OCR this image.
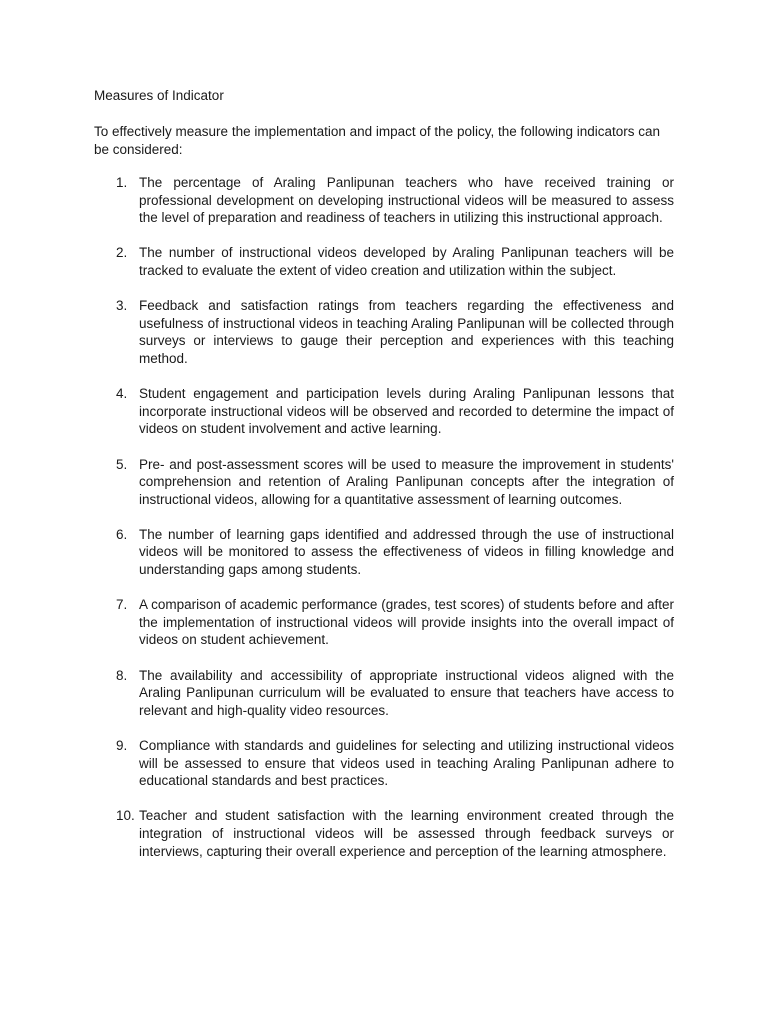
Measures of Indicator

To effectively measure the implementation and impact of the policy, the following indicators can be considered:

1. The percentage of Araling Panlipunan teachers who have received training or professional development on developing instructional videos will be measured to assess the level of preparation and readiness of teachers in utilizing this instructional approach.
2. The number of instructional videos developed by Araling Panlipunan teachers will be tracked to evaluate the extent of video creation and utilization within the subject.
3. Feedback and satisfaction ratings from teachers regarding the effectiveness and usefulness of instructional videos in teaching Araling Panlipunan will be collected through surveys or interviews to gauge their perception and experiences with this teaching method.
4. Student engagement and participation levels during Araling Panlipunan lessons that incorporate instructional videos will be observed and recorded to determine the impact of videos on student involvement and active learning.
5. Pre- and post-assessment scores will be used to measure the improvement in students' comprehension and retention of Araling Panlipunan concepts after the integration of instructional videos, allowing for a quantitative assessment of learning outcomes.
6. The number of learning gaps identified and addressed through the use of instructional videos will be monitored to assess the effectiveness of videos in filling knowledge and understanding gaps among students.
7. A comparison of academic performance (grades, test scores) of students before and after the implementation of instructional videos will provide insights into the overall impact of videos on student achievement.
8. The availability and accessibility of appropriate instructional videos aligned with the Araling Panlipunan curriculum will be evaluated to ensure that teachers have access to relevant and high-quality video resources.
9. Compliance with standards and guidelines for selecting and utilizing instructional videos will be assessed to ensure that videos used in teaching Araling Panlipunan adhere to educational standards and best practices.
10. Teacher and student satisfaction with the learning environment created through the integration of instructional videos will be assessed through feedback surveys or interviews, capturing their overall experience and perception of the learning atmosphere.
